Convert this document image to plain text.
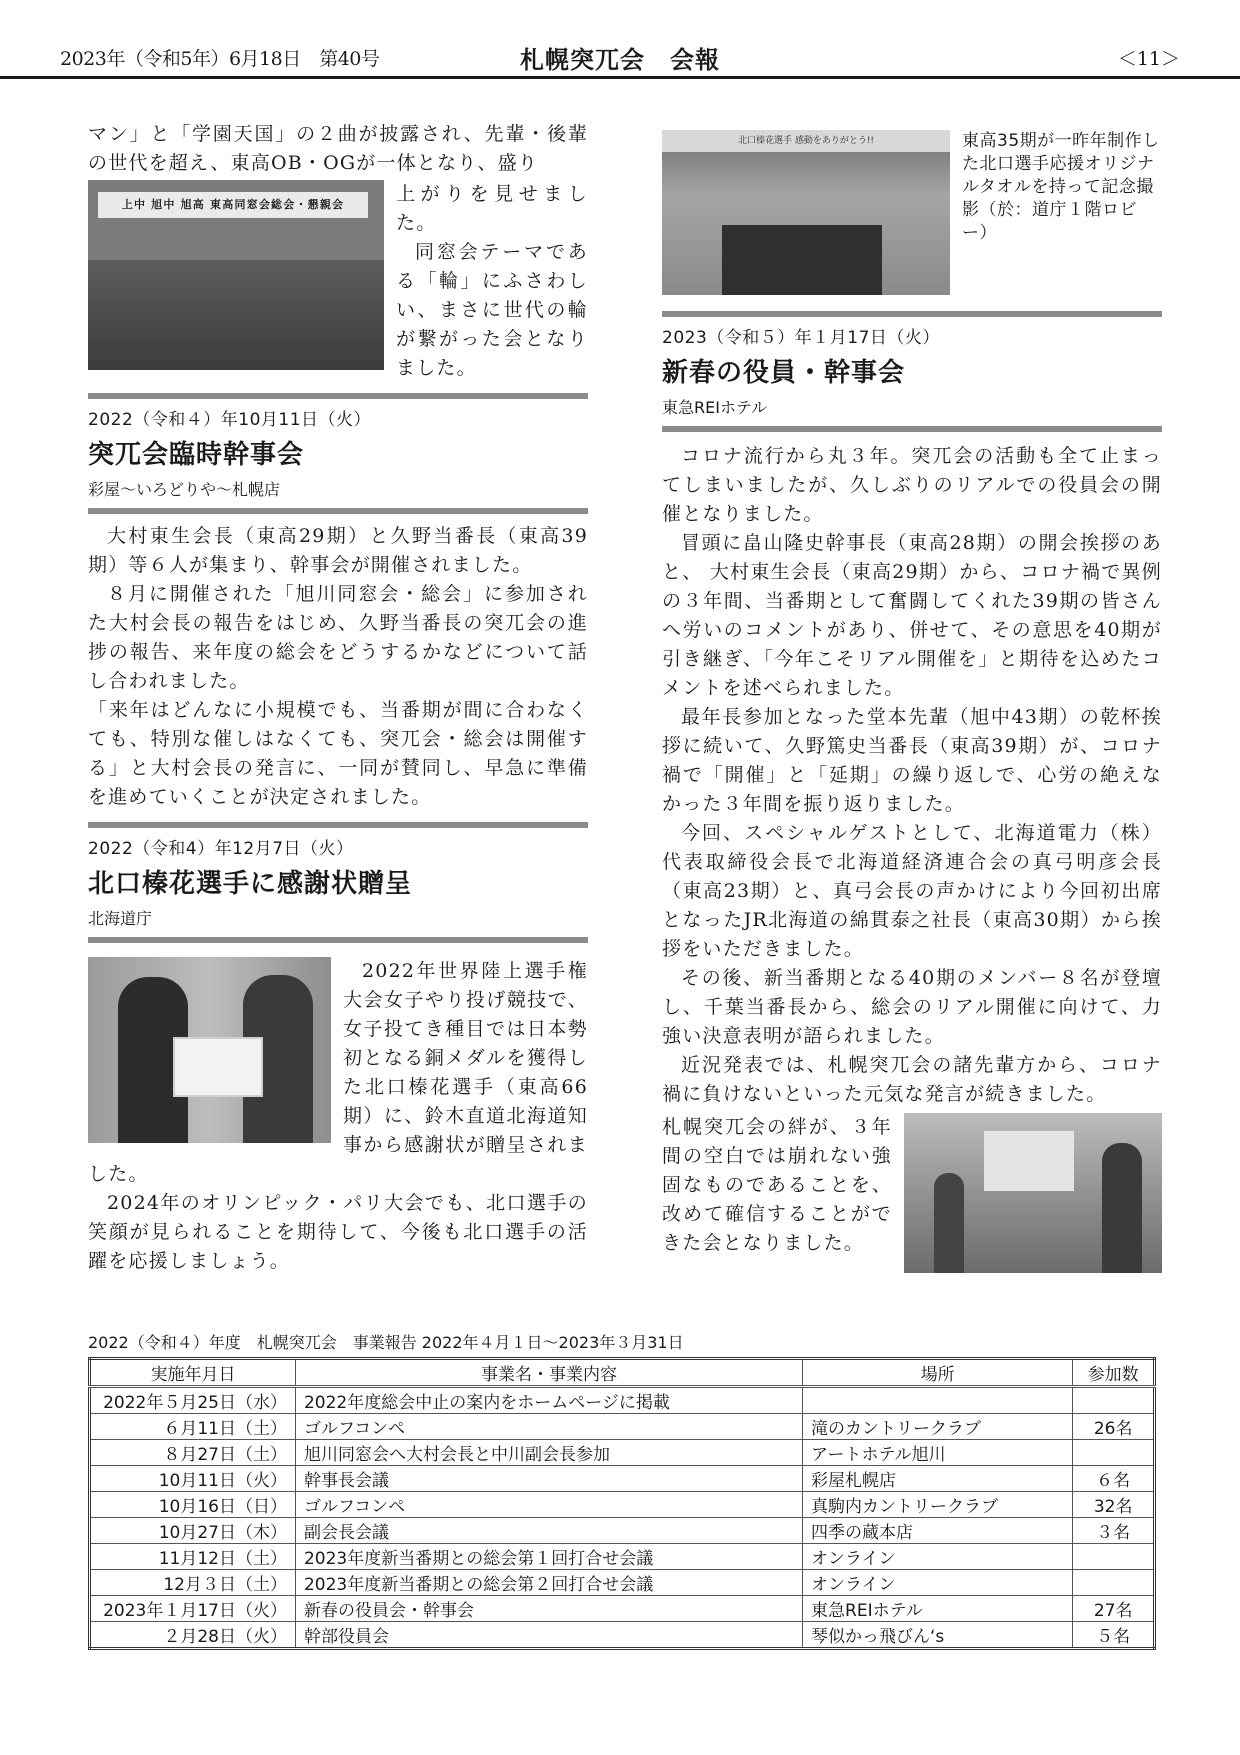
2023年（令和5年）6月18日　第40号	札幌突兀会　会報	＜11＞

マン」と「学園天国」の２曲が披露され、先輩・後輩の世代を超え、東高OB・OGが一体となり、盛り

上中 旭中 旭高 東高同窓会総会・懇親会	上がりを見せました。

同窓会テーマである「輪」にふさわしい、まさに世代の輪が繋がった会となりました。

2022（令和４）年10月11日（火）
突兀会臨時幹事会
彩屋〜いろどりや〜札幌店

大村東生会長（東高29期）と久野当番長（東高39期）等６人が集まり、幹事会が開催されました。

８月に開催された「旭川同窓会・総会」に参加された大村会長の報告をはじめ、久野当番長の突兀会の進捗の報告、来年度の総会をどうするかなどについて話し合われました。

「来年はどんなに小規模でも、当番期が間に合わなくても、特別な催しはなくても、突兀会・総会は開催する」と大村会長の発言に、一同が賛同し、早急に準備を進めていくことが決定されました。

2022（令和4）年12月7日（火）
北口榛花選手に感謝状贈呈
北海道庁

2022年世界陸上選手権大会女子やり投げ競技で、女子投てき種目では日本勢初となる銅メダルを獲得した北口榛花選手（東高66期）に、鈴木直道北海道知事から感謝状が贈呈されました。

2024年のオリンピック・パリ大会でも、北口選手の笑顔が見られることを期待して、今後も北口選手の活躍を応援しましょう。

北口榛花選手 感動をありがとう!!	東高35期が一昨年制作した北口選手応援オリジナルタオルを持って記念撮影（於：道庁１階ロビー）
2023（令和５）年１月17日（火）
新春の役員・幹事会
東急REIホテル

コロナ流行から丸３年。突兀会の活動も全て止まってしまいましたが、久しぶりのリアルでの役員会の開催となりました。

冒頭に畠山隆史幹事長（東高28期）の開会挨拶のあと、 大村東生会長（東高29期）から、コロナ禍で異例の３年間、当番期として奮闘してくれた39期の皆さんへ労いのコメントがあり、併せて、その意思を40期が引き継ぎ、「今年こそリアル開催を」と期待を込めたコメントを述べられました。

最年長参加となった堂本先輩（旭中43期）の乾杯挨拶に続いて、久野篤史当番長（東高39期）が、コロナ禍で「開催」と「延期」の繰り返しで、心労の絶えなかった３年間を振り返りました。

今回、スペシャルゲストとして、北海道電力（株）代表取締役会長で北海道経済連合会の真弓明彦会長（東高23期）と、真弓会長の声かけにより今回初出席となったJR北海道の綿貫泰之社長（東高30期）から挨拶をいただきました。

その後、新当番期となる40期のメンバー８名が登壇し、千葉当番長から、総会のリアル開催に向けて、力強い決意表明が語られました。

近況発表では、札幌突兀会の諸先輩方から、コロナ禍に負けないといった元気な発言が続きました。

札幌突兀会の絆が、３年間の空白では崩れない強固なものであることを、改めて確信することができた会となりました。

2022（令和４）年度　札幌突兀会　事業報告 2022年４月１日〜2023年３月31日
実施年月日	事業名・事業内容	場所	参加数
2022年５月25日（水）	2022年度総会中止の案内をホームページに掲載		
６月11日（土）	ゴルフコンペ	滝のカントリークラブ	26名
８月27日（土）	旭川同窓会へ大村会長と中川副会長参加	アートホテル旭川	
10月11日（火）	幹事長会議	彩屋札幌店	６名
10月16日（日）	ゴルフコンペ	真駒内カントリークラブ	32名
10月27日（木）	副会長会議	四季の蔵本店	３名
11月12日（土）	2023年度新当番期との総会第１回打合せ会議	オンライン	
12月３日（土）	2023年度新当番期との総会第２回打合せ会議	オンライン	
2023年１月17日（火）	新春の役員会・幹事会	東急REIホテル	27名
２月28日（火）	幹部役員会	琴似かっ飛びん‘s	５名
